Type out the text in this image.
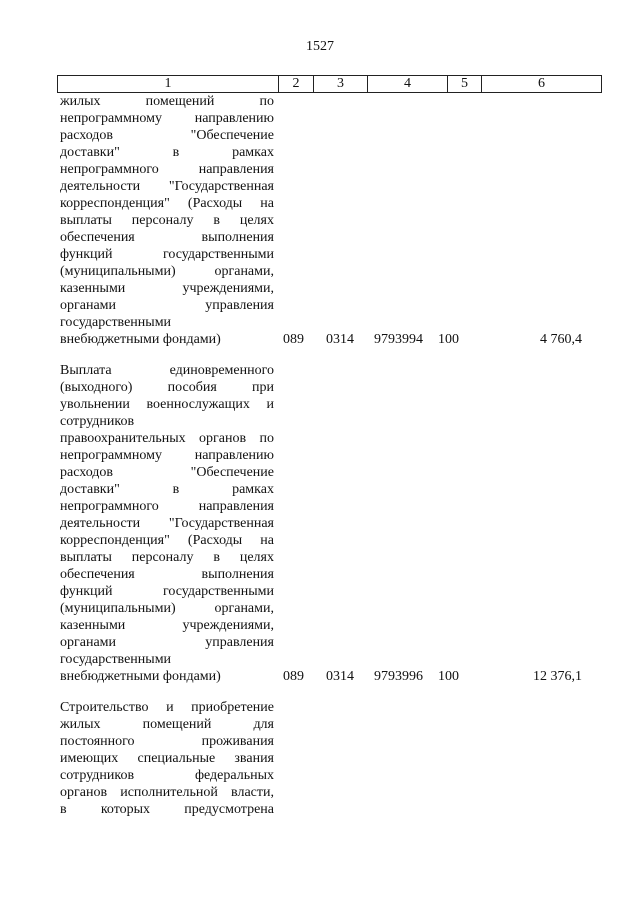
1527
1	2	3	4	5	6
жилых	помещений	по
непрограммному направлению
расходов	"Обеспечение
доставки"	в	рамках
непрограммного	направления
деятельности "Государственная
корреспонденция" (Расходы на
выплаты персоналу в целях
обеспечения	выполнения
функций	государственными
(муниципальными)	органами,
казенными	учреждениями,
органами	управления
государственными
внебюджетными фондами)	089 0314 9793994 100	4 760,4
Выплата	единовременного
(выходного)	пособия	при
увольнении военнослужащих и
сотрудников
правоохранительных органов по
непрограммному направлению
расходов	"Обеспечение
доставки"	в	рамках
непрограммного	направления
деятельности "Государственная
корреспонденция" (Расходы на
выплаты персоналу в целях
обеспечения	выполнения
функций	государственными
(муниципальными)	органами,
казенными	учреждениями,
органами	управления
государственными
внебюджетными фондами)	089 0314 9793996 100	12 376,1
Строительство и приобретение
жилых	помещений	для
постоянного	проживания
имеющих специальные звания
сотрудников	федеральных
органов исполнительной власти,
в которых предусмотрена
